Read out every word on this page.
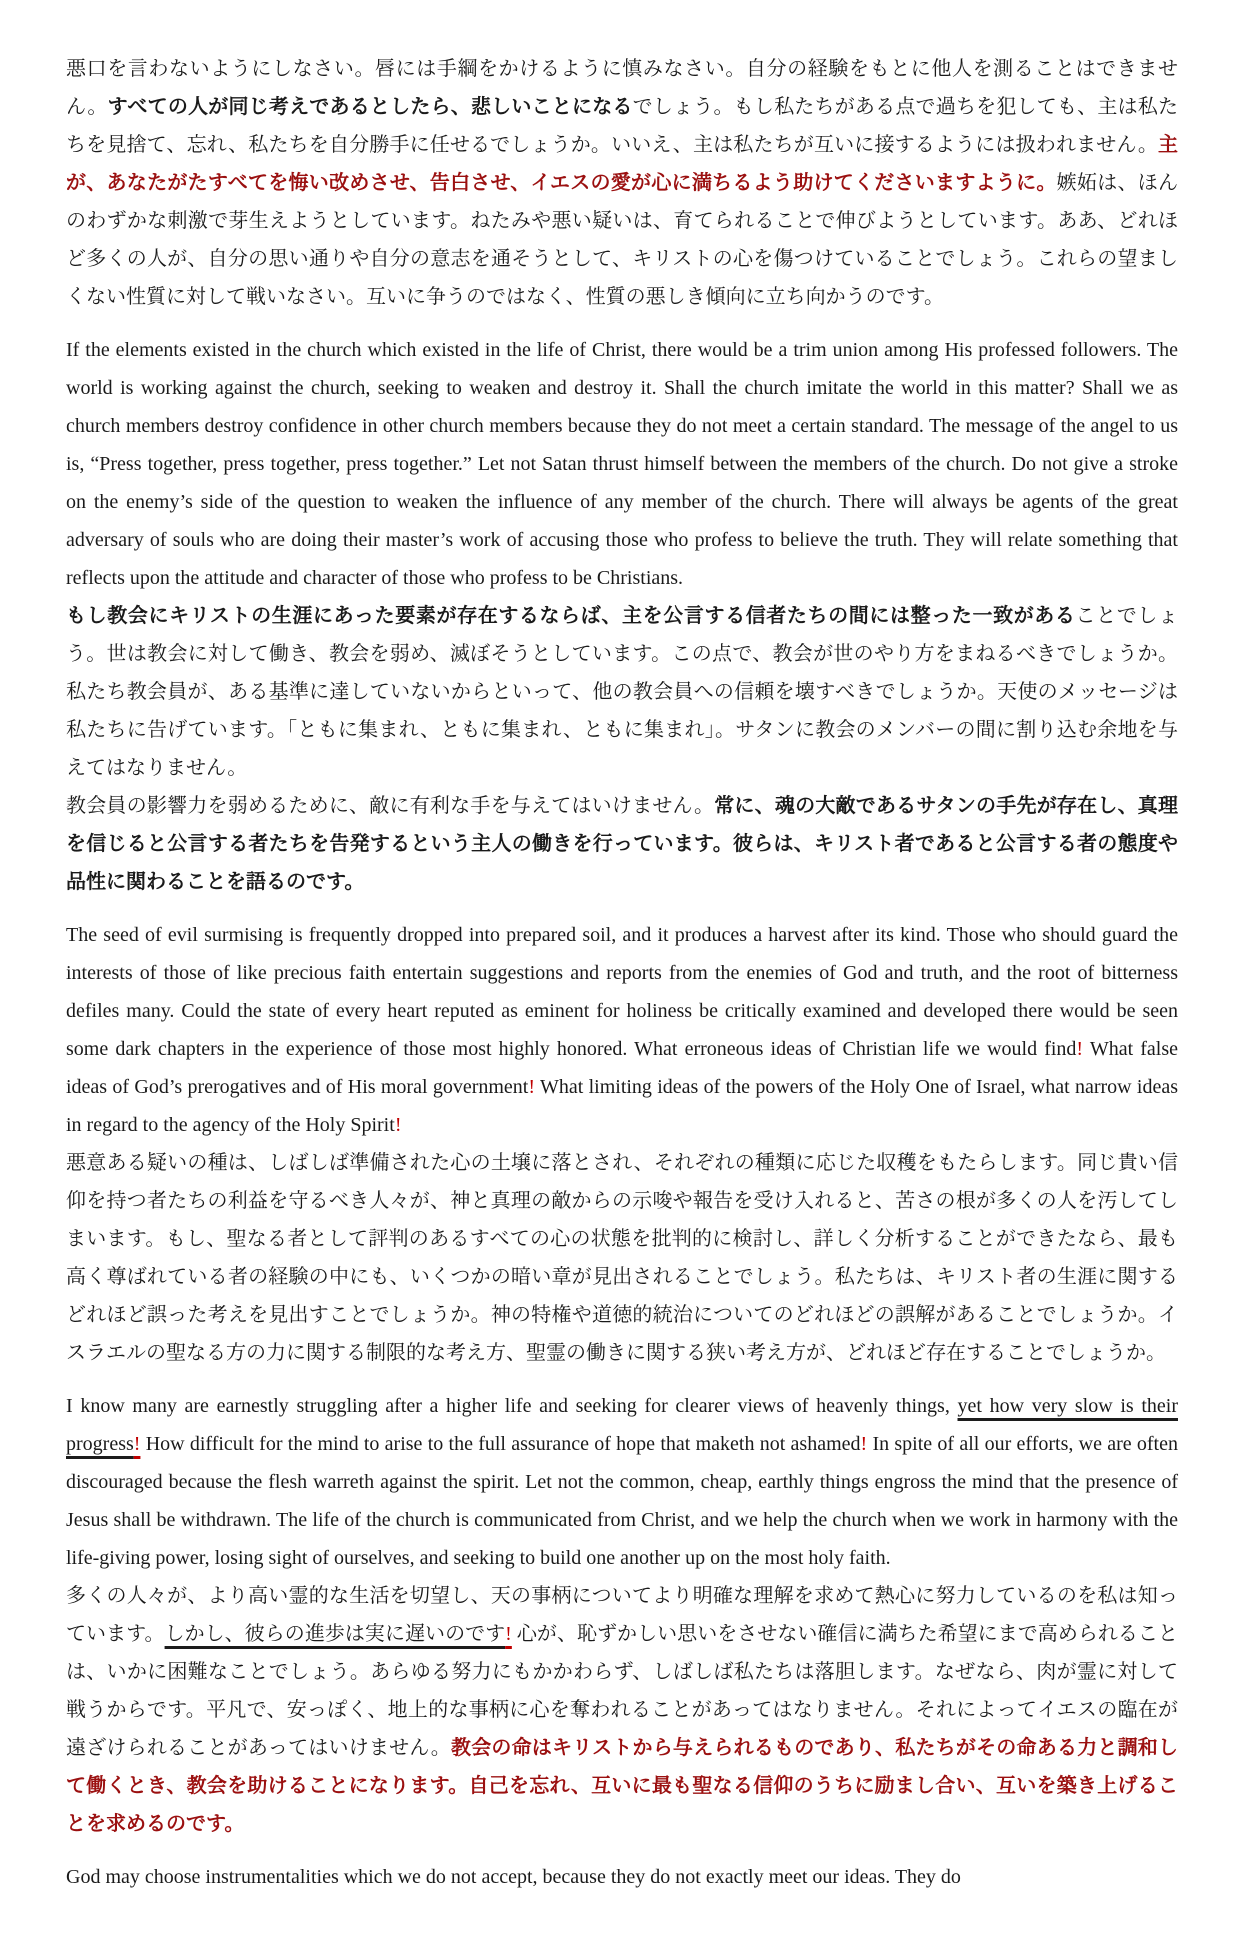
悪口を言わないようにしなさい。唇には手綱をかけるように慎みなさい。自分の経験をもとに他人を測ることはできません。すべての人が同じ考えであるとしたら、悲しいことになるでしょう。もし私たちがある点で過ちを犯しても、主は私たちを見捨て、忘れ、私たちを自分勝手に任せるでしょうか。いいえ、主は私たちが互いに接するようには扱われません。主が、あなたがたすべてを悔い改めさせ、告白させ、イエスの愛が心に満ちるよう助けてくださいますように。嫉妬は、ほんのわずかな刺激で芽生えようとしています。ねたみや悪い疑いは、育てられることで伸びようとしています。ああ、どれほど多くの人が、自分の思い通りや自分の意志を通そうとして、キリストの心を傷つけていることでしょう。これらの望ましくない性質に対して戦いなさい。互いに争うのではなく、性質の悪しき傾向に立ち向かうのです。

If the elements existed in the church which existed in the life of Christ, there would be a trim union among His professed followers. The world is working against the church, seeking to weaken and destroy it. Shall the church imitate the world in this matter? Shall we as church members destroy confidence in other church members because they do not meet a certain standard. The message of the angel to us is, “Press together, press together, press together.” Let not Satan thrust himself between the members of the church. Do not give a stroke on the enemy’s side of the question to weaken the influence of any member of the church. There will always be agents of the great adversary of souls who are doing their master’s work of accusing those who profess to believe the truth. They will relate something that reflects upon the attitude and character of those who profess to be Christians.

もし教会にキリストの生涯にあった要素が存在するならば、主を公言する信者たちの間には整った一致があることでしょう。世は教会に対して働き、教会を弱め、滅ぼそうとしています。この点で、教会が世のやり方をまねるべきでしょうか。私たち教会員が、ある基準に達していないからといって、他の教会員への信頼を壊すべきでしょうか。天使のメッセージは私たちに告げています。「ともに集まれ、ともに集まれ、ともに集まれ」。サタンに教会のメンバーの間に割り込む余地を与えてはなりません。

教会員の影響力を弱めるために、敵に有利な手を与えてはいけません。常に、魂の大敵であるサタンの手先が存在し、真理を信じると公言する者たちを告発するという主人の働きを行っています。彼らは、キリスト者であると公言する者の態度や品性に関わることを語るのです。

The seed of evil surmising is frequently dropped into prepared soil, and it produces a harvest after its kind. Those who should guard the interests of those of like precious faith entertain suggestions and reports from the enemies of God and truth, and the root of bitterness defiles many. Could the state of every heart reputed as eminent for holiness be critically examined and developed there would be seen some dark chapters in the experience of those most highly honored. What erroneous ideas of Christian life we would find! What false ideas of God’s prerogatives and of His moral government! What limiting ideas of the powers of the Holy One of Israel, what narrow ideas in regard to the agency of the Holy Spirit!

悪意ある疑いの種は、しばしば準備された心の土壌に落とされ、それぞれの種類に応じた収穫をもたらします。同じ貴い信仰を持つ者たちの利益を守るべき人々が、神と真理の敵からの示唆や報告を受け入れると、苦さの根が多くの人を汚してしまいます。もし、聖なる者として評判のあるすべての心の状態を批判的に検討し、詳しく分析することができたなら、最も高く尊ばれている者の経験の中にも、いくつかの暗い章が見出されることでしょう。私たちは、キリスト者の生涯に関するどれほど誤った考えを見出すことでしょうか。神の特権や道徳的統治についてのどれほどの誤解があることでしょうか。イスラエルの聖なる方の力に関する制限的な考え方、聖霊の働きに関する狭い考え方が、どれほど存在することでしょうか。

I know many are earnestly struggling after a higher life and seeking for clearer views of heavenly things, yet how very slow is their progress! How difficult for the mind to arise to the full assurance of hope that maketh not ashamed! In spite of all our efforts, we are often discouraged because the flesh warreth against the spirit. Let not the common, cheap, earthly things engross the mind that the presence of Jesus shall be withdrawn. The life of the church is communicated from Christ, and we help the church when we work in harmony with the life-giving power, losing sight of ourselves, and seeking to build one another up on the most holy faith.

多くの人々が、より高い霊的な生活を切望し、天の事柄についてより明確な理解を求めて熱心に努力しているのを私は知っています。しかし、彼らの進歩は実に遅いのです! 心が、恥ずかしい思いをさせない確信に満ちた希望にまで高められることは、いかに困難なことでしょう。あらゆる努力にもかかわらず、しばしば私たちは落胆します。なぜなら、肉が霊に対して戦うからです。平凡で、安っぽく、地上的な事柄に心を奪われることがあってはなりません。それによってイエスの臨在が遠ざけられることがあってはいけません。教会の命はキリストから与えられるものであり、私たちがその命ある力と調和して働くとき、教会を助けることになります。自己を忘れ、互いに最も聖なる信仰のうちに励まし合い、互いを築き上げることを求めるのです。

God may choose instrumentalities which we do not accept, because they do not exactly meet our ideas. They do
